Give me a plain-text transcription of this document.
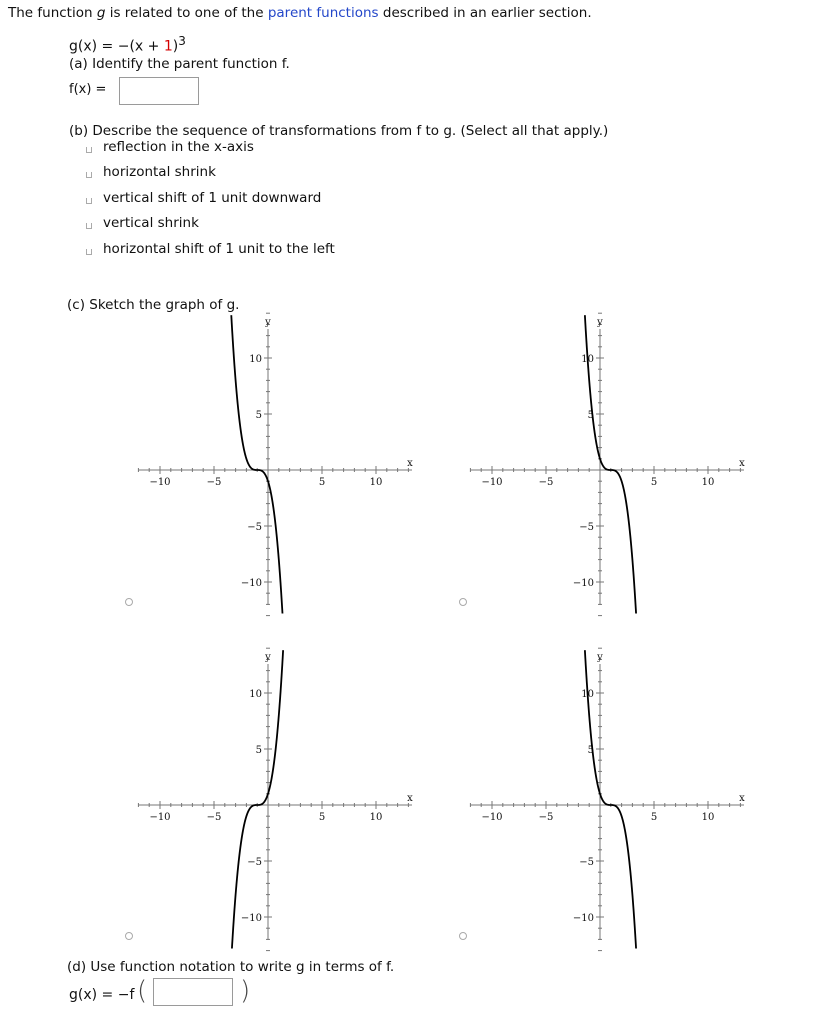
The function g is related to one of the parent functions described in an earlier section.
$g(x) = -(x + 1)^3$
(a) Identify the parent function f.
f(x) =
(b) Describe the sequence of transformations from f to g. (Select all that apply.)
reflection in the x-axis
horizontal shrink
vertical shift of 1 unit downward
vertical shrink
horizontal shift of 1 unit to the left
(c) Sketch the graph of g.
x
y
−10	−5	5	10
10
5
−5
−10
x
y
−10	−5	5	10
10
5
−5
−10
x
y
−10	−5	5	10
10
5
−5
−10
x
y
−10	−5	5	10
10
5
−5
−10
(d) Use function notation to write g in terms of f.
g(x) = −f (	)
